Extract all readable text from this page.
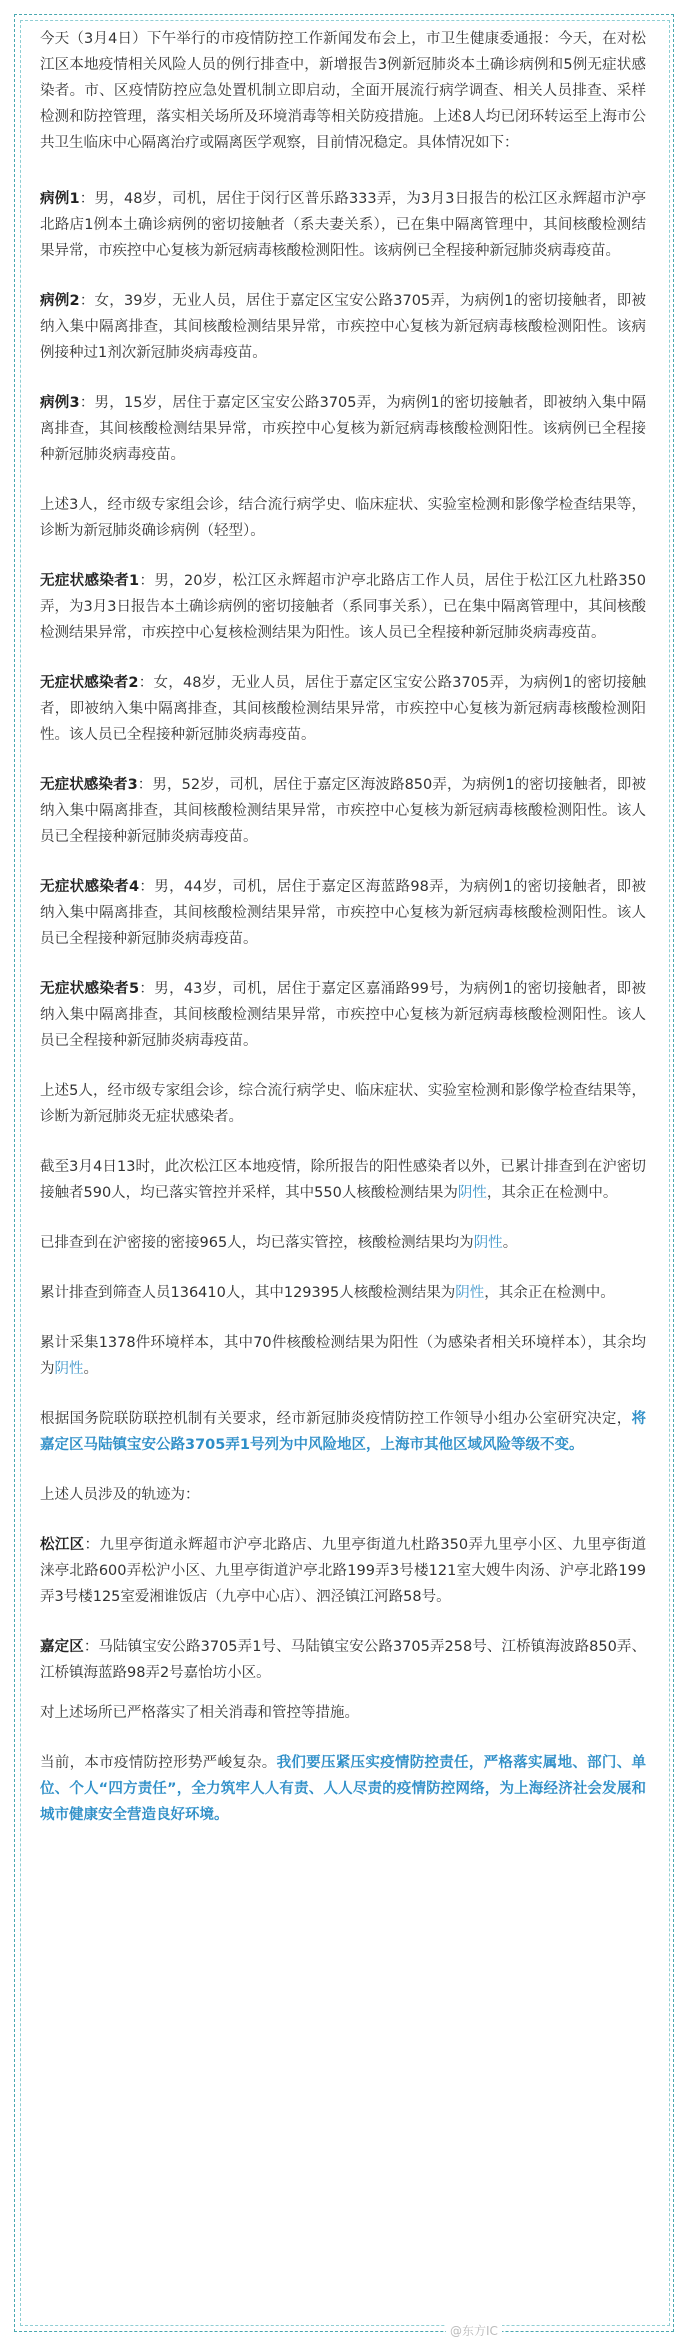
今天（3月4日）下午举行的市疫情防控工作新闻发布会上，市卫生健康委通报：今天，在对松江区本地疫情相关风险人员的例行排查中，新增报告3例新冠肺炎本土确诊病例和5例无症状感染者。市、区疫情防控应急处置机制立即启动，全面开展流行病学调查、相关人员排查、采样检测和防控管理，落实相关场所及环境消毒等相关防疫措施。上述8人均已闭环转运至上海市公共卫生临床中心隔离治疗或隔离医学观察，目前情况稳定。具体情况如下：

病例1：男，48岁，司机，居住于闵行区普乐路333弄，为3月3日报告的松江区永辉超市沪亭北路店1例本土确诊病例的密切接触者（系夫妻关系），已在集中隔离管理中，其间核酸检测结果异常，市疾控中心复核为新冠病毒核酸检测阳性。该病例已全程接种新冠肺炎病毒疫苗。

病例2：女，39岁，无业人员，居住于嘉定区宝安公路3705弄，为病例1的密切接触者，即被纳入集中隔离排查，其间核酸检测结果异常，市疾控中心复核为新冠病毒核酸检测阳性。该病例接种过1剂次新冠肺炎病毒疫苗。

病例3：男，15岁，居住于嘉定区宝安公路3705弄，为病例1的密切接触者，即被纳入集中隔离排查，其间核酸检测结果异常，市疾控中心复核为新冠病毒核酸检测阳性。该病例已全程接种新冠肺炎病毒疫苗。

上述3人，经市级专家组会诊，结合流行病学史、临床症状、实验室检测和影像学检查结果等，诊断为新冠肺炎确诊病例（轻型）。

无症状感染者1：男，20岁，松江区永辉超市沪亭北路店工作人员，居住于松江区九杜路350弄，为3月3日报告本土确诊病例的密切接触者（系同事关系），已在集中隔离管理中，其间核酸检测结果异常，市疾控中心复核检测结果为阳性。该人员已全程接种新冠肺炎病毒疫苗。

无症状感染者2：女，48岁，无业人员，居住于嘉定区宝安公路3705弄，为病例1的密切接触者，即被纳入集中隔离排查，其间核酸检测结果异常，市疾控中心复核为新冠病毒核酸检测阳性。该人员已全程接种新冠肺炎病毒疫苗。

无症状感染者3：男，52岁，司机，居住于嘉定区海波路850弄，为病例1的密切接触者，即被纳入集中隔离排查，其间核酸检测结果异常，市疾控中心复核为新冠病毒核酸检测阳性。该人员已全程接种新冠肺炎病毒疫苗。

无症状感染者4：男，44岁，司机，居住于嘉定区海蓝路98弄，为病例1的密切接触者，即被纳入集中隔离排查，其间核酸检测结果异常，市疾控中心复核为新冠病毒核酸检测阳性。该人员已全程接种新冠肺炎病毒疫苗。

无症状感染者5：男，43岁，司机，居住于嘉定区嘉涌路99号，为病例1的密切接触者，即被纳入集中隔离排查，其间核酸检测结果异常，市疾控中心复核为新冠病毒核酸检测阳性。该人员已全程接种新冠肺炎病毒疫苗。

上述5人，经市级专家组会诊，综合流行病学史、临床症状、实验室检测和影像学检查结果等，诊断为新冠肺炎无症状感染者。

截至3月4日13时，此次松江区本地疫情，除所报告的阳性感染者以外，已累计排查到在沪密切接触者590人，均已落实管控并采样，其中550人核酸检测结果为阴性，其余正在检测中。

已排查到在沪密接的密接965人，均已落实管控，核酸检测结果均为阴性。

累计排查到筛查人员136410人，其中129395人核酸检测结果为阴性，其余正在检测中。

累计采集1378件环境样本，其中70件核酸检测结果为阳性（为感染者相关环境样本），其余均为阴性。

根据国务院联防联控机制有关要求，经市新冠肺炎疫情防控工作领导小组办公室研究决定，将嘉定区马陆镇宝安公路3705弄1号列为中风险地区，上海市其他区域风险等级不变。

上述人员涉及的轨迹为：

松江区：九里亭街道永辉超市沪亭北路店、九里亭街道九杜路350弄九里亭小区、九里亭街道涞亭北路600弄松沪小区、九里亭街道沪亭北路199弄3号楼121室大嫂牛肉汤、沪亭北路199弄3号楼125室爱湘谁饭店（九亭中心店）、泗泾镇江河路58号。

嘉定区：马陆镇宝安公路3705弄1号、马陆镇宝安公路3705弄258号、江桥镇海波路850弄、江桥镇海蓝路98弄2号嘉怡坊小区。

对上述场所已严格落实了相关消毒和管控等措施。

当前，本市疫情防控形势严峻复杂。我们要压紧压实疫情防控责任，严格落实属地、部门、单位、个人“四方责任”，全力筑牢人人有责、人人尽责的疫情防控网络，为上海经济社会发展和城市健康安全营造良好环境。

@东方IC
